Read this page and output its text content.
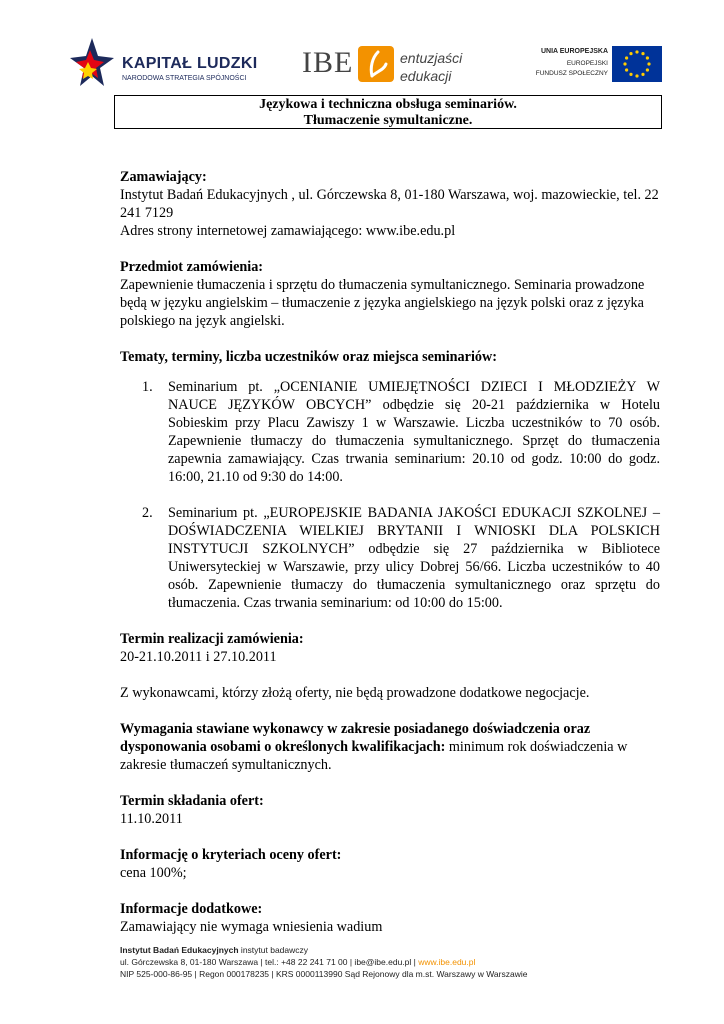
KAPITAŁ LUDZKI
NARODOWA STRATEGIA SPÓJNOŚCI IBE	entuzjaści
edukacji
UNIA EUROPEJSKA
EUROPEJSKI
FUNDUSZ SPOŁECZNY
Językowa i techniczna obsługa seminariów.
Tłumaczenie symultaniczne.
Zamawiający:
Instytut Badań Edukacyjnych , ul. Górczewska 8, 01-180 Warszawa, woj. mazowieckie, tel. 22 241 7129
Adres strony internetowej zamawiającego: www.ibe.edu.pl
Przedmiot zamówienia:
Zapewnienie tłumaczenia i sprzętu do tłumaczenia symultanicznego. Seminaria prowadzone będą w języku angielskim – tłumaczenie z języka angielskiego na język polski oraz z języka polskiego na język angielski.
Tematy, terminy, liczba uczestników oraz miejsca seminariów:
1. Seminarium pt. „OCENIANIE UMIEJĘTNOŚCI DZIECI I MŁODZIEŻY W NAUCE JĘZYKÓW OBCYCH” odbędzie się 20-21 października w Hotelu Sobieskim przy Placu Zawiszy 1 w Warszawie. Liczba uczestników to 70 osób. Zapewnienie tłumaczy do tłumaczenia symultanicznego. Sprzęt do tłumaczenia zapewnia zamawiający. Czas trwania seminarium: 20.10 od godz. 10:00 do godz. 16:00, 21.10 od 9:30 do 14:00.
2. Seminarium pt. „EUROPEJSKIE BADANIA JAKOŚCI EDUKACJI SZKOLNEJ – DOŚWIADCZENIA WIELKIEJ BRYTANII I WNIOSKI DLA POLSKICH INSTYTUCJI SZKOLNYCH” odbędzie się 27 października w Bibliotece Uniwersyteckiej w Warszawie, przy ulicy Dobrej 56/66. Liczba uczestników to 40 osób. Zapewnienie tłumaczy do tłumaczenia symultanicznego oraz sprzętu do tłumaczenia. Czas trwania seminarium: od 10:00 do 15:00.
Termin realizacji zamówienia:
20-21.10.2011 i 27.10.2011
Z wykonawcami, którzy złożą oferty, nie będą prowadzone dodatkowe negocjacje.
Wymagania stawiane wykonawcy w zakresie posiadanego doświadczenia oraz dysponowania osobami o określonych kwalifikacjach: minimum rok doświadczenia w zakresie tłumaczeń symultanicznych.
Termin składania ofert:
11.10.2011
Informację o kryteriach oceny ofert:
cena 100%;
Informacje dodatkowe:
Zamawiający nie wymaga wniesienia wadium
Instytut Badań Edukacyjnych instytut badawczy
ul. Górczewska 8, 01-180 Warszawa | tel.: +48 22 241 71 00 | ibe@ibe.edu.pl | www.ibe.edu.pl
NIP 525-000-86-95 | Regon 000178235 | KRS 0000113990 Sąd Rejonowy dla m.st. Warszawy w Warszawie
